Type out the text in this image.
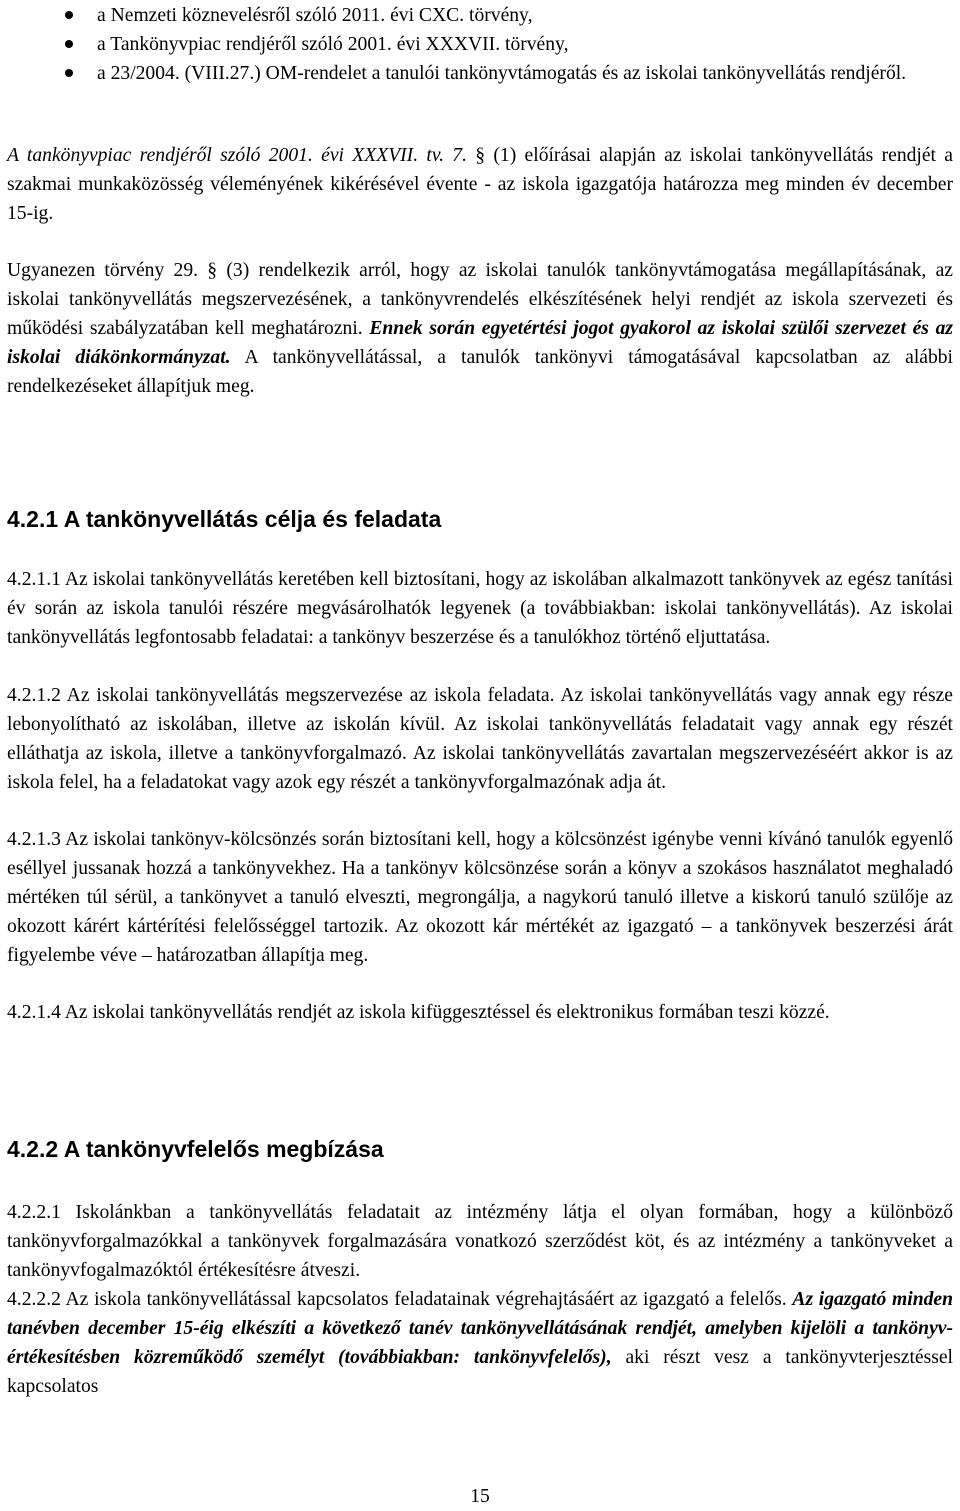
a Nemzeti köznevelésről szóló 2011. évi CXC. törvény,
a Tankönyvpiac rendjéről szóló 2001. évi XXXVII. törvény,
a 23/2004. (VIII.27.) OM-rendelet a tanulói tankönyvtámogatás és az iskolai tankönyvellátás rendjéről.

A tankönyvpiac rendjéről szóló 2001. évi XXXVII. tv. 7. § (1) előírásai alapján az iskolai tankönyvellátás rendjét a szakmai munkaközösség véleményének kikérésével évente - az iskola igazgatója határozza meg minden év december 15-ig.

Ugyanezen törvény 29. § (3) rendelkezik arról, hogy az iskolai tanulók tankönyvtámogatása megállapításának, az iskolai tankönyvellátás megszervezésének, a tankönyvrendelés elkészítésének helyi rendjét az iskola szervezeti és működési szabályzatában kell meghatározni. Ennek során egyetértési jogot gyakorol az iskolai szülői szervezet és az iskolai diákönkormányzat. A tankönyvellátással, a tanulók tankönyvi támogatásával kapcsolatban az alábbi rendelkezéseket állapítjuk meg.

4.2.1 A tankönyvellátás célja és feladata

4.2.1.1 Az iskolai tankönyvellátás keretében kell biztosítani, hogy az iskolában alkalmazott tankönyvek az egész tanítási év során az iskola tanulói részére megvásárolhatók legyenek (a továbbiakban: iskolai tankönyvellátás). Az iskolai tankönyvellátás legfontosabb feladatai: a tankönyv beszerzése és a tanulókhoz történő eljuttatása.

4.2.1.2 Az iskolai tankönyvellátás megszervezése az iskola feladata. Az iskolai tankönyvellátás vagy annak egy része lebonyolítható az iskolában, illetve az iskolán kívül. Az iskolai tankönyvellátás feladatait vagy annak egy részét elláthatja az iskola, illetve a tankönyvforgalmazó. Az iskolai tankönyvellátás zavartalan megszervezéséért akkor is az iskola felel, ha a feladatokat vagy azok egy részét a tankönyvforgalmazónak adja át.

4.2.1.3 Az iskolai tankönyv-kölcsönzés során biztosítani kell, hogy a kölcsönzést igénybe venni kívánó tanulók egyenlő eséllyel jussanak hozzá a tankönyvekhez. Ha a tankönyv kölcsönzése során a könyv a szokásos használatot meghaladó mértéken túl sérül, a tankönyvet a tanuló elveszti, megrongálja, a nagykorú tanuló illetve a kiskorú tanuló szülője az okozott kárért kártérítési felelősséggel tartozik. Az okozott kár mértékét az igazgató – a tankönyvek beszerzési árát figyelembe véve – határozatban állapítja meg.

4.2.1.4 Az iskolai tankönyvellátás rendjét az iskola kifüggesztéssel és elektronikus formában teszi közzé.

4.2.2 A tankönyvfelelős megbízása

4.2.2.1 Iskolánkban a tankönyvellátás feladatait az intézmény látja el olyan formában, hogy a különböző tankönyvforgalmazókkal a tankönyvek forgalmazására vonatkozó szerződést köt, és az intézmény a tankönyveket a tankönyvfogalmazóktól értékesítésre átveszi.

4.2.2.2 Az iskola tankönyvellátással kapcsolatos feladatainak végrehajtásáért az igazgató a felelős. Az igazgató minden tanévben december 15-éig elkészíti a következő tanév tankönyvellátásának rendjét, amelyben kijelöli a tankönyv-értékesítésben közreműködő személyt (továbbiakban: tankönyvfelelős), aki részt vesz a tankönyvterjesztéssel kapcsolatos

15
